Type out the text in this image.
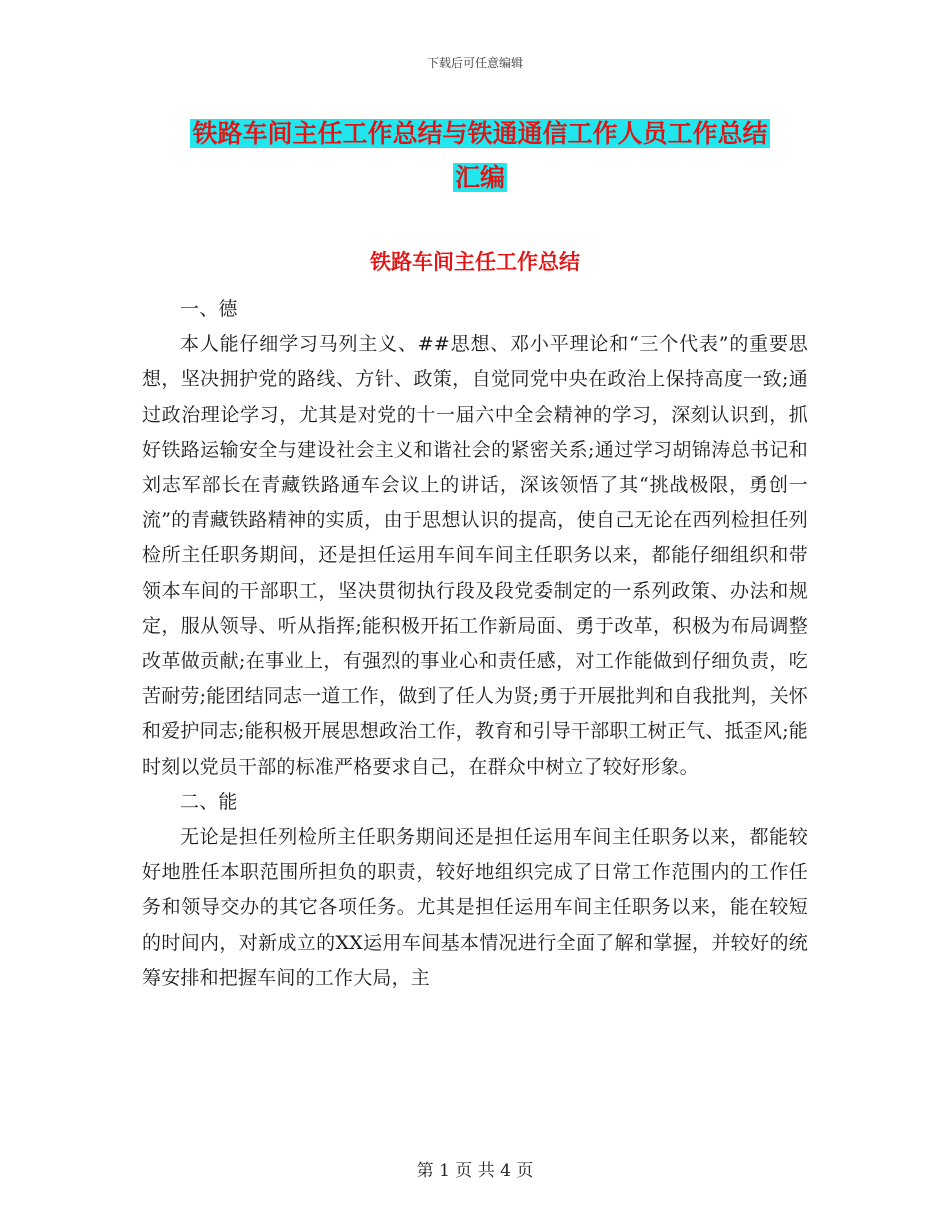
下载后可任意编辑
铁路车间主任工作总结与铁通通信工作人员工作总结
汇编
铁路车间主任工作总结

一、德

本人能仔细学习马列主义、##思想、邓小平理论和“三个代表”的重要思想，坚决拥护党的路线、方针、政策，自觉同党中央在政治上保持高度一致;通过政治理论学习，尤其是对党的十一届六中全会精神的学习，深刻认识到，抓好铁路运输安全与建设社会主义和谐社会的紧密关系;通过学习胡锦涛总书记和刘志军部长在青藏铁路通车会议上的讲话，深该领悟了其“挑战极限，勇创一流”的青藏铁路精神的实质，由于思想认识的提高，使自己无论在西列检担任列检所主任职务期间，还是担任运用车间车间主任职务以来，都能仔细组织和带领本车间的干部职工，坚决贯彻执行段及段党委制定的一系列政策、办法和规定，服从领导、听从指挥;能积极开拓工作新局面、勇于改革，积极为布局调整改革做贡献;在事业上，有强烈的事业心和责任感，对工作能做到仔细负责，吃苦耐劳;能团结同志一道工作，做到了任人为贤;勇于开展批判和自我批判，关怀和爱护同志;能积极开展思想政治工作，教育和引导干部职工树正气、抵歪风;能时刻以党员干部的标准严格要求自己，在群众中树立了较好形象。

二、能

无论是担任列检所主任职务期间还是担任运用车间主任职务以来，都能较好地胜任本职范围所担负的职责，较好地组织完成了日常工作范围内的工作任务和领导交办的其它各项任务。尤其是担任运用车间主任职务以来，能在较短的时间内，对新成立的XX运用车间基本情况进行全面了解和掌握，并较好的统筹安排和把握车间的工作大局，主

第 1 页 共 4 页
